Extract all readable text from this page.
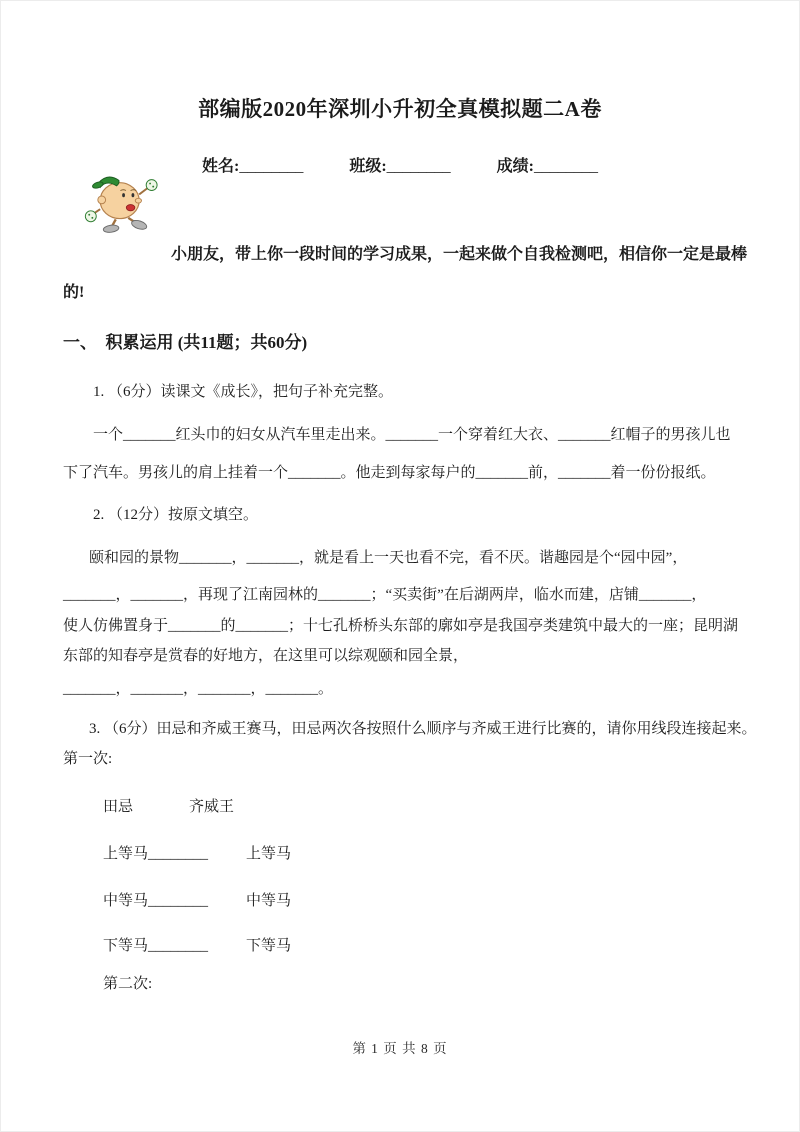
部编版2020年深圳小升初全真模拟题二A卷
姓名:________	班级:________	成绩:________
小朋友，带上你一段时间的学习成果，一起来做个自我检测吧，相信你一定是最棒
的!
一、　积累运用 (共11题；共60分)
1. （6分）读课文《成长》，把句子补充完整。
一个_______红头巾的妇女从汽车里走出来。_______一个穿着红大衣、_______红帽子的男孩儿也
下了汽车。男孩儿的肩上挂着一个_______。他走到每家每户的_______前，_______着一份份报纸。
2. （12分）按原文填空。
颐和园的景物_______，_______，就是看上一天也看不完，看不厌。谐趣园是个“园中园”，
_______，_______，再现了江南园林的_______；“买卖街”在后湖两岸，临水而建，店铺_______，
使人仿佛置身于_______的_______；十七孔桥桥头东部的廓如亭是我国亭类建筑中最大的一座；昆明湖
东部的知春亭是赏春的好地方，在这里可以综观颐和园全景，
_______，_______，_______，_______。
3. （6分）田忌和齐威王赛马，田忌两次各按照什么顺序与齐威王进行比赛的，请你用线段连接起来。
第一次:
田忌	齐威王
上等马________	上等马
中等马________	中等马
下等马________	下等马
第二次:
第 1 页 共 8 页
